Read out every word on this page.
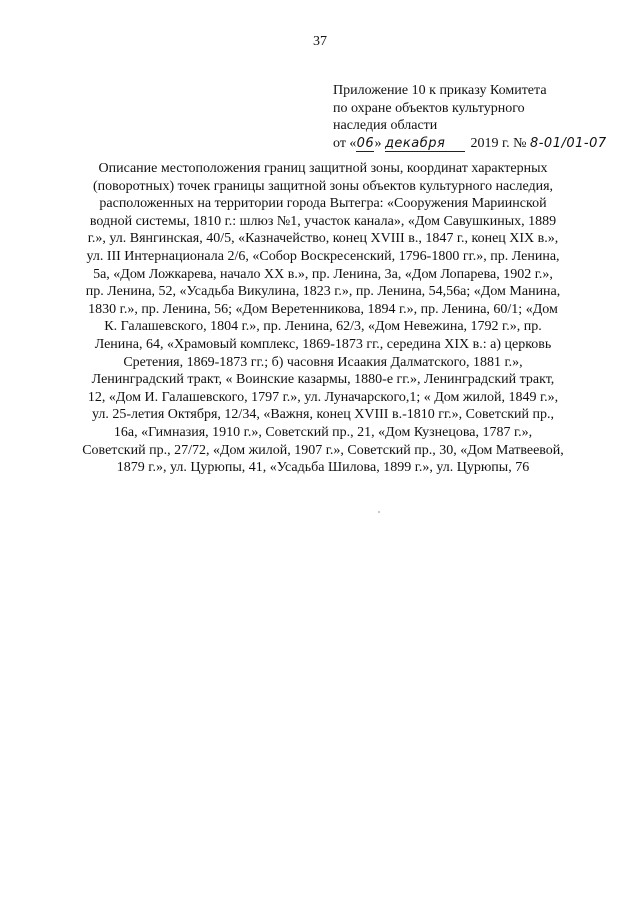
37
Приложение 10 к приказу Комитета
по охране объектов культурного
наследия области
от «06» декабря 2019 г. № 8-01/01-07
Описание местоположения границ защитной зоны, координат характерных
(поворотных) точек границы защитной зоны объектов культурного наследия,
расположенных на территории города Вытегра: «Сооружения Мариинской
водной системы, 1810 г.: шлюз №1, участок канала», «Дом Савушкиных, 1889
г.», ул. Вянгинская, 40/5, «Казначейство, конец XVIII в., 1847 г., конец XIX в.»,
ул. III Интернационала 2/6, «Собор Воскресенский, 1796-1800 гг.», пр. Ленина,
5а, «Дом Ложкарева, начало XX в.», пр. Ленина, 3а, «Дом Лопарева, 1902 г.»,
пр. Ленина, 52, «Усадьба Викулина, 1823 г.», пр. Ленина, 54,56а; «Дом Манина,
1830 г.», пр. Ленина, 56; «Дом Веретенникова, 1894 г.», пр. Ленина, 60/1; «Дом
К. Галашевского, 1804 г.», пр. Ленина, 62/3, «Дом Невежина, 1792 г.», пр.
Ленина, 64, «Храмовый комплекс, 1869-1873 гг., середина XIX в.: а) церковь
Сретения, 1869-1873 гг.; б) часовня Исаакия Далматского, 1881 г.»,
Ленинградский тракт, « Воинские казармы, 1880-е гг.», Ленинградский тракт,
12, «Дом И. Галашевского, 1797 г.», ул. Луначарского,1; « Дом жилой, 1849 г.»,
ул. 25-летия Октября, 12/34, «Важня, конец XVIII в.-1810 гг.», Советский пр.,
16а, «Гимназия, 1910 г.», Советский пр., 21, «Дом Кузнецова, 1787 г.»,
Советский пр., 27/72, «Дом жилой, 1907 г.», Советский пр., 30, «Дом Матвеевой,
1879 г.», ул. Цурюпы, 41, «Усадьба Шилова, 1899 г.», ул. Цурюпы, 76
